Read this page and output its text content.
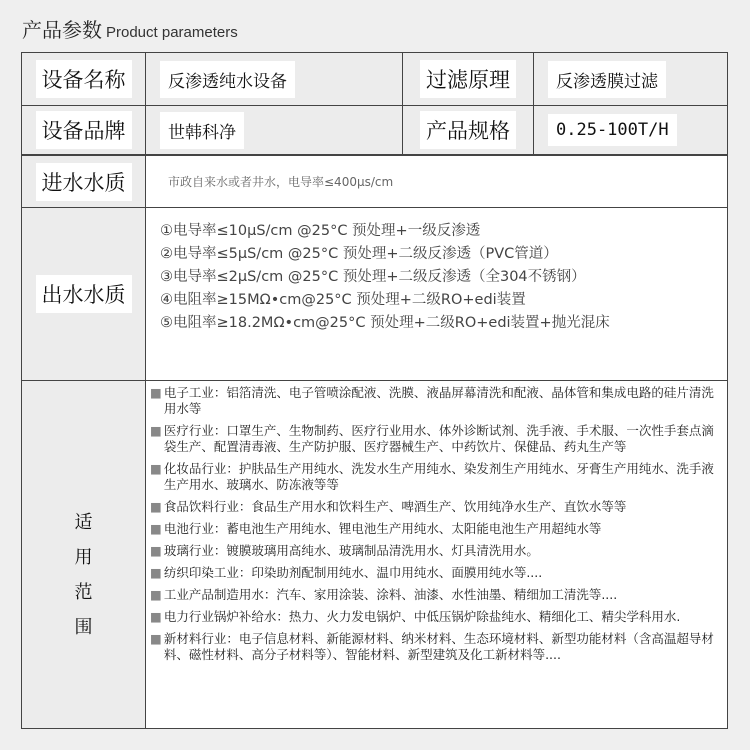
产品参数 Product parameters
设备名称	反渗透纯水设备	过滤原理	反渗透膜过滤
设备品牌	世韩科净	产品规格	0.25-100T/H
进水水质	市政自来水或者井水，电导率≤400μs/cm
出水水质
①电导率≤10μS/cm @25°C 预处理+一级反渗透
②电导率≤5μS/cm @25°C 预处理+二级反渗透（PVC管道）
③电导率≤2μS/cm @25°C 预处理+二级反渗透（全304不锈钢）
④电阻率≥15MΩ•cm@25°C 预处理+二级RO+edi装置
⑤电阻率≥18.2MΩ•cm@25°C 预处理+二级RO+edi装置+抛光混床
适
用
范
围
■ 电子工业：铝箔清洗、电子管喷涂配液、洗膜、液晶屏幕清洗和配液、晶体管和集成电路的硅片清洗用水等
■ 医疗行业：口罩生产、生物制药、医疗行业用水、体外诊断试剂、洗手液、手术服、一次性手套点滴袋生产、配置清毒液、生产防护服、医疗器械生产、中药饮片、保健品、药丸生产等
■ 化妆品行业：护肤品生产用纯水、洗发水生产用纯水、染发剂生产用纯水、牙膏生产用纯水、洗手液生产用水、玻璃水、防冻液等等
■ 食品饮料行业：食品生产用水和饮料生产、啤酒生产、饮用纯净水生产、直饮水等等
■ 电池行业：蓄电池生产用纯水、锂电池生产用纯水、太阳能电池生产用超纯水等
■ 玻璃行业：镀膜玻璃用高纯水、玻璃制品清洗用水、灯具清洗用水。
■ 纺织印染工业：印染助剂配制用纯水、温巾用纯水、面膜用纯水等....
■ 工业产品制造用水：汽车、家用涂装、涂料、油漆、水性油墨、精细加工清洗等....
■ 电力行业锅炉补给水：热力、火力发电锅炉、中低压锅炉除盐纯水、精细化工、精尖学科用水.
■ 新材料行业：电子信息材料、新能源材料、纳米材料、生态环境材料、新型功能材料（含高温超导材料、磁性材料、高分子材料等）、智能材料、新型建筑及化工新材料等....
